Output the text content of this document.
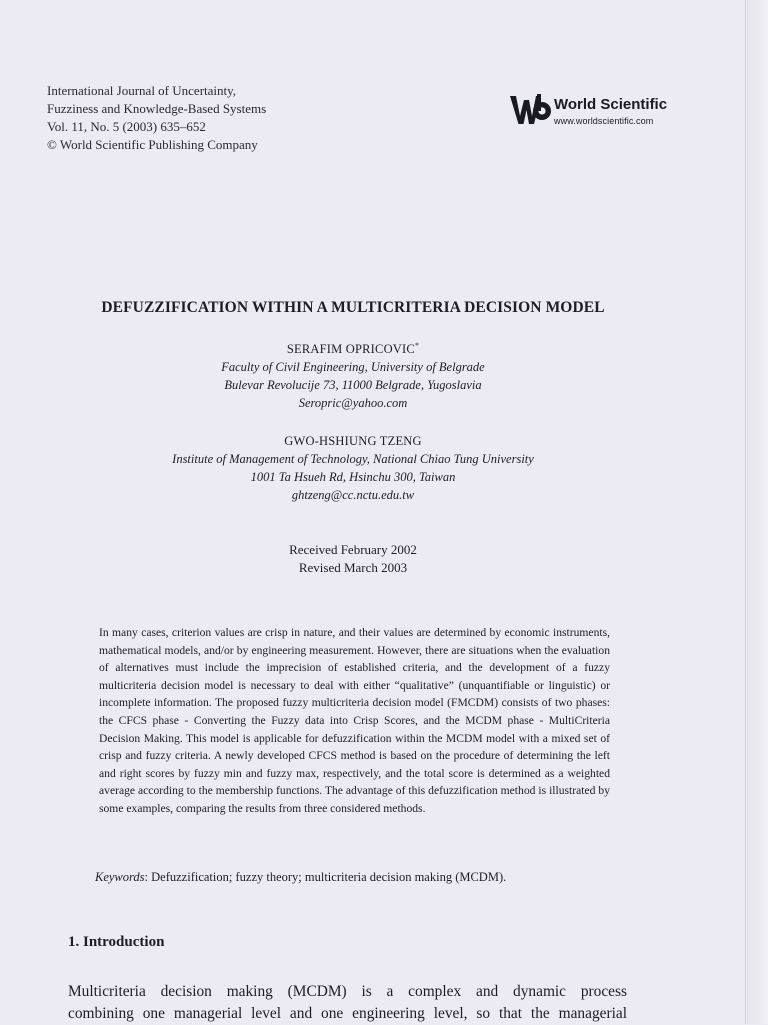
International Journal of Uncertainty,
Fuzziness and Knowledge-Based Systems
Vol. 11, No. 5 (2003) 635–652
© World Scientific Publishing Company
World Scientific
www.worldscientific.com
DEFUZZIFICATION WITHIN A MULTICRITERIA DECISION MODEL
SERAFIM OPRICOVIC*
Faculty of Civil Engineering, University of Belgrade
Bulevar Revolucije 73, 11000 Belgrade, Yugoslavia
Seropric@yahoo.com
GWO-HSHIUNG TZENG
Institute of Management of Technology, National Chiao Tung University
1001 Ta Hsueh Rd, Hsinchu 300, Taiwan
ghtzeng@cc.nctu.edu.tw
Received February 2002
Revised March 2003
In many cases, criterion values are crisp in nature, and their values are determined by economic instruments, mathematical models, and/or by engineering measurement. However, there are situations when the evaluation of alternatives must include the imprecision of established criteria, and the development of a fuzzy multicriteria decision model is necessary to deal with either “qualitative” (unquantifiable or linguistic) or incomplete information. The proposed fuzzy multicriteria decision model (FMCDM) consists of two phases: the CFCS phase - Converting the Fuzzy data into Crisp Scores, and the MCDM phase - MultiCriteria Decision Making. This model is applicable for defuzzification within the MCDM model with a mixed set of crisp and fuzzy criteria. A newly developed CFCS method is based on the procedure of determining the left and right scores by fuzzy min and fuzzy max, respectively, and the total score is determined as a weighted average according to the membership functions. The advantage of this defuzzification method is illustrated by some examples, comparing the results from three considered methods.
Keywords: Defuzzification; fuzzy theory; multicriteria decision making (MCDM).
1. Introduction
Multicriteria decision making (MCDM) is a complex and dynamic process
combining one managerial level and one engineering level, so that the managerial
